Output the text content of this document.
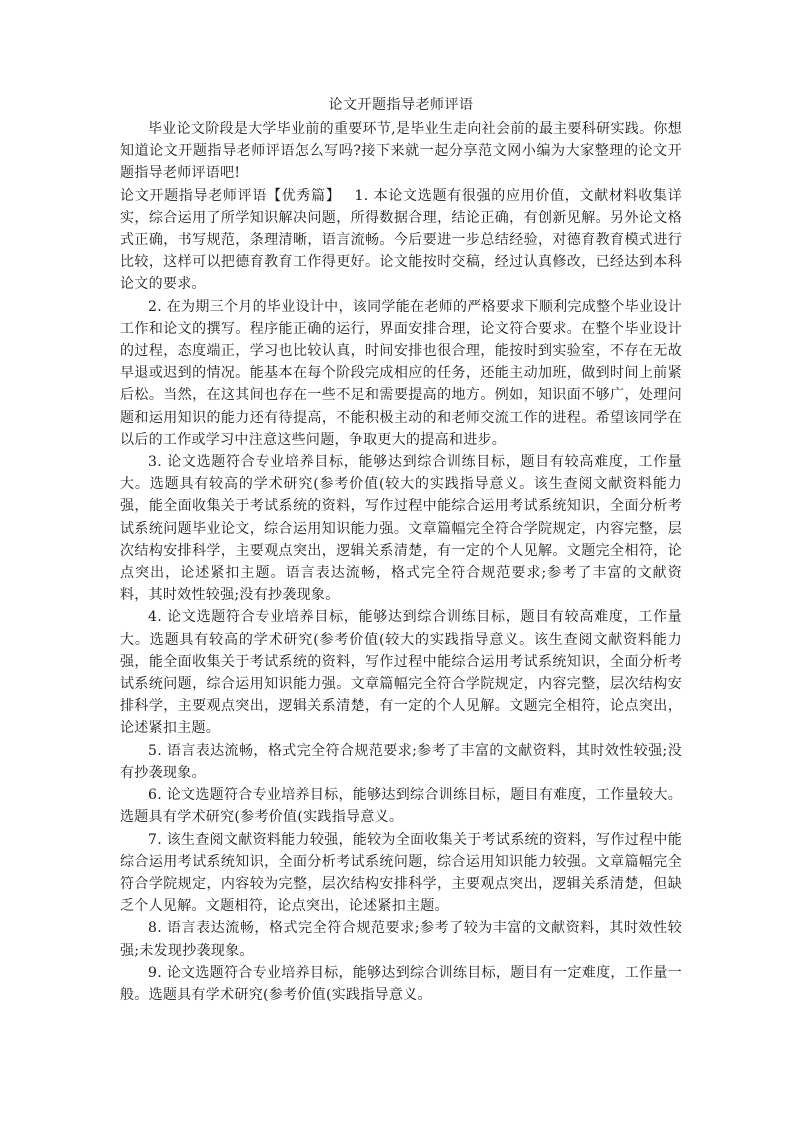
论文开题指导老师评语

毕业论文阶段是大学毕业前的重要环节,是毕业生走向社会前的最主要科研实践。你想知道论文开题指导老师评语怎么写吗?接下来就一起分享范文网小编为大家整理的论文开题指导老师评语吧!

论文开题指导老师评语【优秀篇】 1. 本论文选题有很强的应用价值，文献材料收集详实，综合运用了所学知识解决问题，所得数据合理，结论正确，有创新见解。另外论文格式正确，书写规范，条理清晰，语言流畅。今后要进一步总结经验，对德育教育模式进行比较，这样可以把德育教育工作得更好。论文能按时交稿，经过认真修改，已经达到本科论文的要求。

2. 在为期三个月的毕业设计中，该同学能在老师的严格要求下顺利完成整个毕业设计工作和论文的撰写。程序能正确的运行，界面安排合理，论文符合要求。在整个毕业设计的过程，态度端正，学习也比较认真，时间安排也很合理，能按时到实验室，不存在无故早退或迟到的情况。能基本在每个阶段完成相应的任务，还能主动加班，做到时间上前紧后松。当然，在这其间也存在一些不足和需要提高的地方。例如，知识面不够广，处理问题和运用知识的能力还有待提高，不能积极主动的和老师交流工作的进程。希望该同学在以后的工作或学习中注意这些问题，争取更大的提高和进步。

3. 论文选题符合专业培养目标，能够达到综合训练目标，题目有较高难度，工作量大。选题具有较高的学术研究(参考价值(较大的实践指导意义。该生查阅文献资料能力强，能全面收集关于考试系统的资料，写作过程中能综合运用考试系统知识，全面分析考试系统问题毕业论文，综合运用知识能力强。文章篇幅完全符合学院规定，内容完整，层次结构安排科学，主要观点突出，逻辑关系清楚，有一定的个人见解。文题完全相符，论点突出，论述紧扣主题。语言表达流畅，格式完全符合规范要求;参考了丰富的文献资料，其时效性较强;没有抄袭现象。

4. 论文选题符合专业培养目标，能够达到综合训练目标，题目有较高难度，工作量大。选题具有较高的学术研究(参考价值(较大的实践指导意义。该生查阅文献资料能力强，能全面收集关于考试系统的资料，写作过程中能综合运用考试系统知识，全面分析考试系统问题，综合运用知识能力强。文章篇幅完全符合学院规定，内容完整，层次结构安排科学，主要观点突出，逻辑关系清楚，有一定的个人见解。文题完全相符，论点突出，论述紧扣主题。

5. 语言表达流畅，格式完全符合规范要求;参考了丰富的文献资料，其时效性较强;没有抄袭现象。

6. 论文选题符合专业培养目标，能够达到综合训练目标，题目有难度，工作量较大。选题具有学术研究(参考价值(实践指导意义。

7. 该生查阅文献资料能力较强，能较为全面收集关于考试系统的资料，写作过程中能综合运用考试系统知识，全面分析考试系统问题，综合运用知识能力较强。文章篇幅完全符合学院规定，内容较为完整，层次结构安排科学，主要观点突出，逻辑关系清楚，但缺乏个人见解。文题相符，论点突出，论述紧扣主题。

8. 语言表达流畅，格式完全符合规范要求;参考了较为丰富的文献资料，其时效性较强;未发现抄袭现象。

9. 论文选题符合专业培养目标，能够达到综合训练目标，题目有一定难度，工作量一般。选题具有学术研究(参考价值(实践指导意义。
